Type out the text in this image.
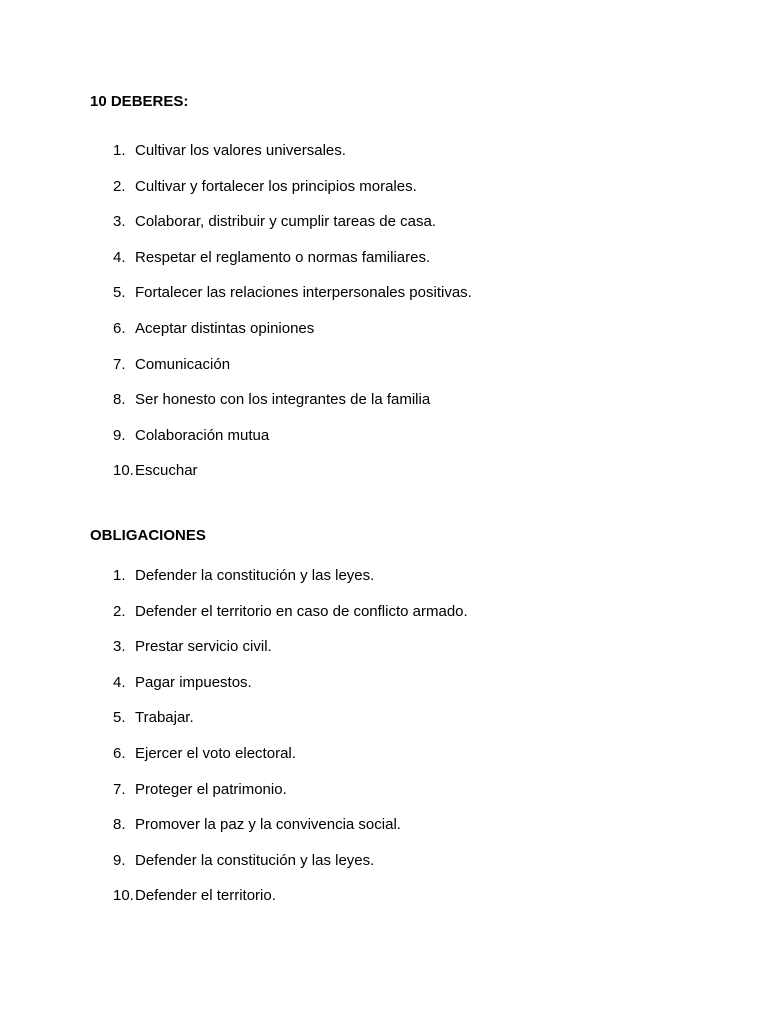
10 DEBERES:
1. Cultivar los valores universales.
2. Cultivar y fortalecer los principios morales.
3. Colaborar, distribuir y cumplir tareas de casa.
4. Respetar el reglamento o normas familiares.
5. Fortalecer las relaciones interpersonales positivas.
6. Aceptar distintas opiniones
7. Comunicación
8. Ser honesto con los integrantes de la familia
9. Colaboración mutua
10. Escuchar
OBLIGACIONES
1. Defender la constitución y las leyes.
2. Defender el territorio en caso de conflicto armado.
3. Prestar servicio civil.
4. Pagar impuestos.
5. Trabajar.
6. Ejercer el voto electoral.
7. Proteger el patrimonio.
8. Promover la paz y la convivencia social.
9. Defender la constitución y las leyes.
10. Defender el territorio.
